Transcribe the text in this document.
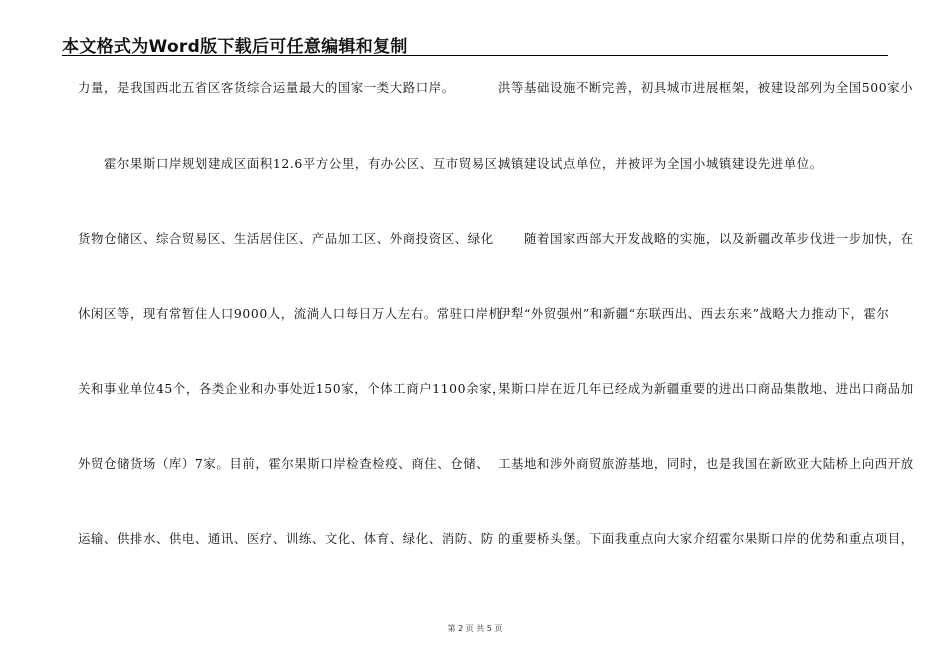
本文格式为Word版下载后可任意编辑和复制
力量，是我国西北五省区客货综合运量最大的国家一类大路口岸。
霍尔果斯口岸规划建成区面积12.6平方公里，有办公区、互市贸易区、
货物仓储区、综合贸易区、生活居住区、产品加工区、外商投资区、绿化
休闲区等，现有常暂住人口9000人，流淌人口每日万人左右。常驻口岸机
关和事业单位45个，各类企业和办事处近150家，个体工商户1100余家，
外贸仓储货场（库）7家。目前，霍尔果斯口岸检查检疫、商住、仓储、
运输、供排水、供电、通讯、医疗、训练、文化、体育、绿化、消防、防
洪等基础设施不断完善，初具城市进展框架，被建设部列为全国500家小
城镇建设试点单位，并被评为全国小城镇建设先进单位。
随着国家西部大开发战略的实施，以及新疆改革步伐进一步加快，在
伊犁“外贸强州”和新疆“东联西出、西去东来”战略大力推动下，霍尔
果斯口岸在近几年已经成为新疆重要的进出口商品集散地、进出口商品加
工基地和涉外商贸旅游基地，同时，也是我国在新欧亚大陆桥上向西开放
的重要桥头堡。下面我重点向大家介绍霍尔果斯口岸的优势和重点项目，
第 2 页 共 5 页
